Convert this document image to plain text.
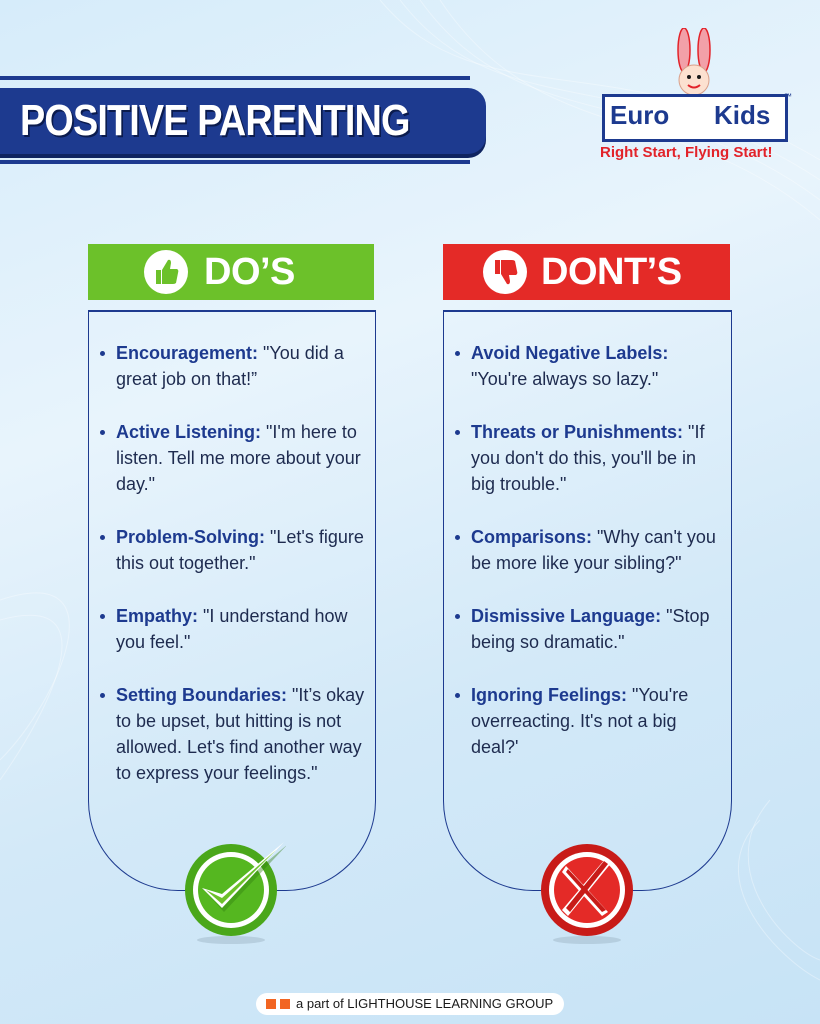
POSITIVE PARENTING	Euro Kids
™
Right Start, Flying Start!
DO’S
Encouragement: "You did a great job on that!”
Active Listening: "I'm here to listen. Tell me more about your day."
Problem-Solving: "Let's figure this out together."
Empathy: "I understand how you feel."
Setting Boundaries: "It’s okay to be upset, but hitting is not allowed. Let's find another way to express your feelings."
DONT’S
Avoid Negative Labels: "You're always so lazy."
Threats or Punishments: "If you don't do this, you'll be in big trouble."
Comparisons: "Why can't you be more like your sibling?"
Dismissive Language: "Stop being so dramatic."
Ignoring Feelings: "You're overreacting. It's not a big deal?'
a part of LIGHTHOUSE LEARNING GROUP
